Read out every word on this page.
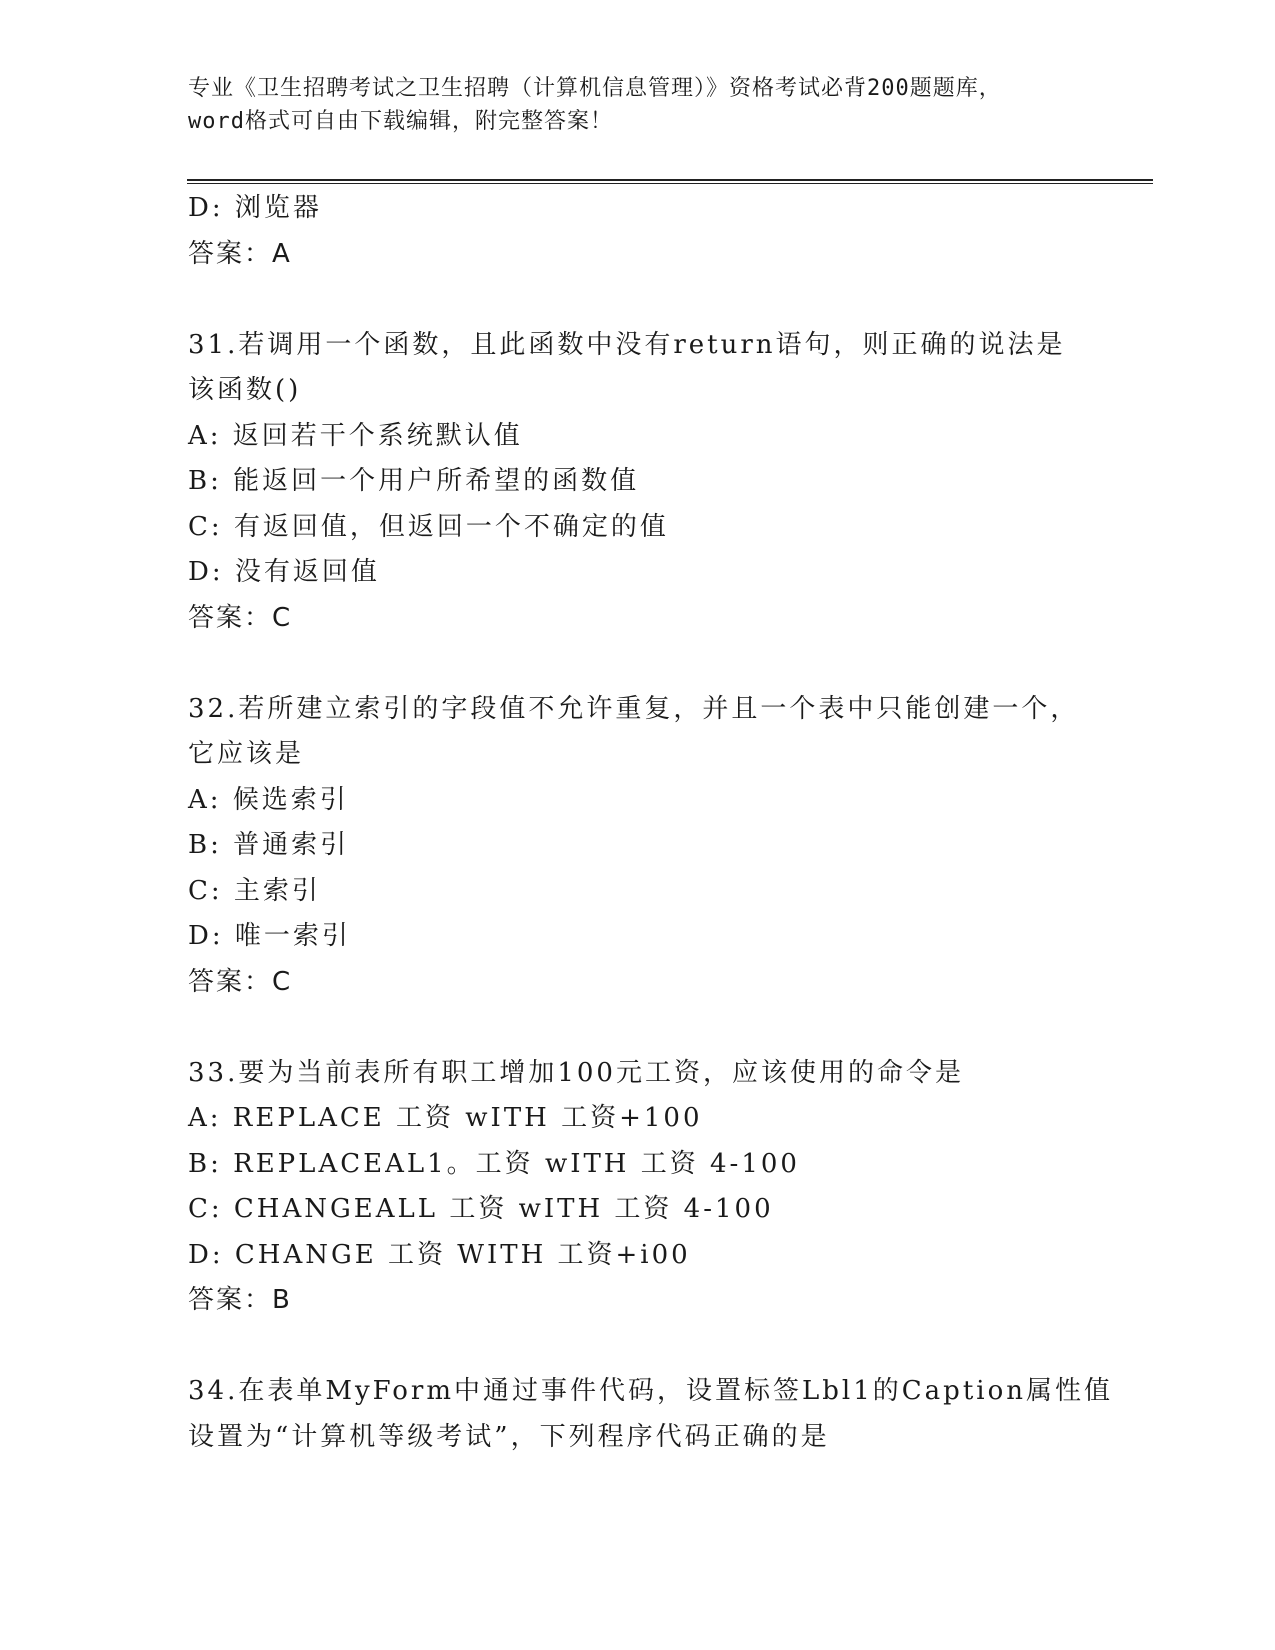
专业《卫生招聘考试之卫生招聘（计算机信息管理）》资格考试必背200题题库，
word格式可自由下载编辑，附完整答案！
D: 浏览器
答案：A
31.若调用一个函数，且此函数中没有return语句，则正确的说法是
该函数()
A: 返回若干个系统默认值
B: 能返回一个用户所希望的函数值
C: 有返回值，但返回一个不确定的值
D: 没有返回值
答案：C
32.若所建立索引的字段值不允许重复，并且一个表中只能创建一个，
它应该是
A: 候选索引
B: 普通索引
C: 主索引
D: 唯一索引
答案：C
33.要为当前表所有职工增加100元工资，应该使用的命令是
A: REPLACE 工资 wITH 工资+100
B: REPLACEAL1。工资 wITH 工资 4-100
C: CHANGEALL 工资 wITH 工资 4-100
D: CHANGE 工资 WITH 工资+i00
答案：B
34.在表单MyForm中通过事件代码，设置标签Lbl1的Caption属性值
设置为“计算机等级考试”，下列程序代码正确的是
